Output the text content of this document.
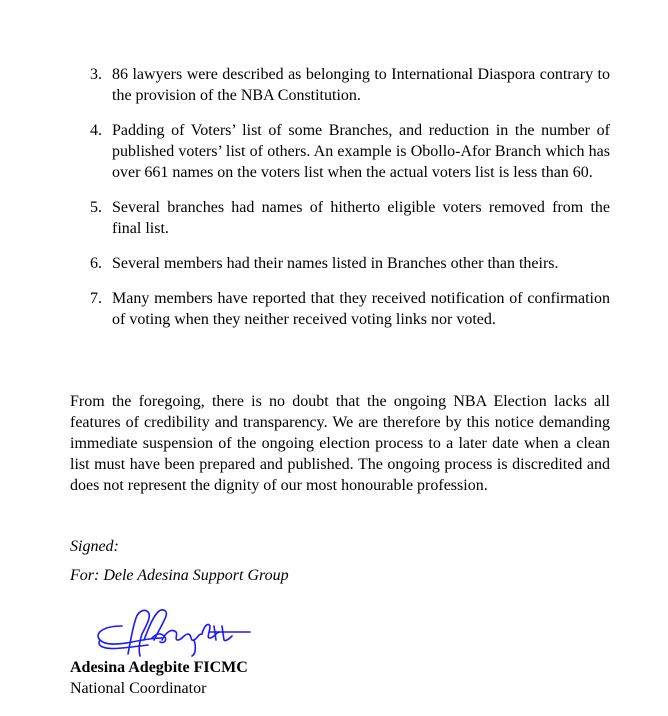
3. 86 lawyers were described as belonging to International Diaspora contrary to the provision of the NBA Constitution.
4. Padding of Voters’ list of some Branches, and reduction in the number of published voters’ list of others. An example is Obollo-Afor Branch which has over 661 names on the voters list when the actual voters list is less than 60.
5. Several branches had names of hitherto eligible voters removed from the final list.
6. Several members had their names listed in Branches other than theirs.
7. Many members have reported that they received notification of confirmation of voting when they neither received voting links nor voted.

From the foregoing, there is no doubt that the ongoing NBA Election lacks all features of credibility and transparency. We are therefore by this notice demanding immediate suspension of the ongoing election process to a later date when a clean list must have been prepared and published. The ongoing process is discredited and does not represent the dignity of our most honourable profession.

Signed:
For: Dele Adesina Support Group
Adesina Adegbite FICMC
National Coordinator
